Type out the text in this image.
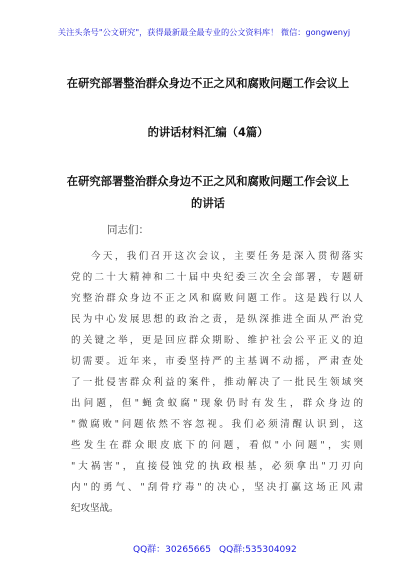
关注头条号"公文研究"，获得最新最全最专业的公文资料库！ 微信：gongwenyj
在研究部署整治群众身边不正之风和腐败问题工作会议上
的讲话材料汇编（4篇）
在研究部署整治群众身边不正之风和腐败问题工作会议上
的讲话
同志们：
今天，我们召开这次会议，主要任务是深入贯彻落实
党的二十大精神和二十届中央纪委三次全会部署，专题研
究整治群众身边不正之风和腐败问题工作。这是践行以人
民为中心发展思想的政治之责，是纵深推进全面从严治党
的关键之举，更是回应群众期盼、维护社会公平正义的迫
切需要。近年来，市委坚持严的主基调不动摇，严肃查处
了一批侵害群众利益的案件，推动解决了一批民生领域突
出问题，但"蝇贪蚁腐"现象仍时有发生，群众身边的
"微腐败"问题依然不容忽视。我们必须清醒认识到，这
些发生在群众眼皮底下的问题，看似"小问题"，实则
"大祸害"，直接侵蚀党的执政根基，必须拿出"刀刃向
内"的勇气、"刮骨疗毒"的决心，坚决打赢这场正风肃
纪攻坚战。
QQ群：30265665 QQ群:535304092
